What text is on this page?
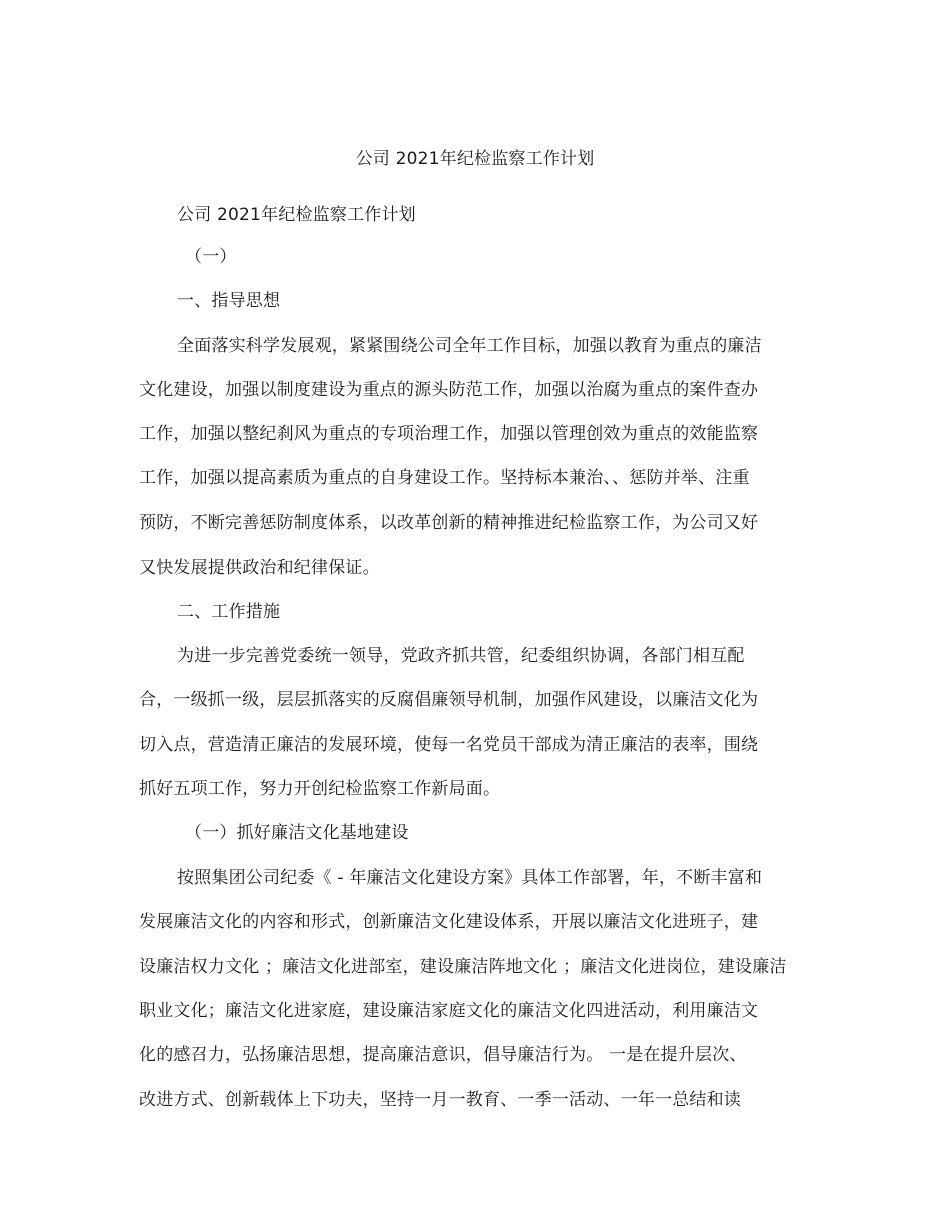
公司 2021年纪检监察工作计划
公司 2021年纪检监察工作计划
（一）
一、指导思想
全面落实科学发展观，紧紧围绕公司全年工作目标，加强以教育为重点的廉洁
文化建设，加强以制度建设为重点的源头防范工作，加强以治腐为重点的案件查办
工作，加强以整纪刹风为重点的专项治理工作，加强以管理创效为重点的效能监察
工作，加强以提高素质为重点的自身建设工作。坚持标本兼治、、惩防并举、注重
预防，不断完善惩防制度体系，以改革创新的精神推进纪检监察工作，为公司又好
又快发展提供政治和纪律保证。
二、工作措施
为进一步完善党委统一领导，党政齐抓共管，纪委组织协调，各部门相互配
合，一级抓一级，层层抓落实的反腐倡廉领导机制，加强作风建设，以廉洁文化为
切入点，营造清正廉洁的发展环境，使每一名党员干部成为清正廉洁的表率，围绕
抓好五项工作，努力开创纪检监察工作新局面。
（一）抓好廉洁文化基地建设
按照集团公司纪委《 - 年廉洁文化建设方案》具体工作部署，年，不断丰富和
发展廉洁文化的内容和形式，创新廉洁文化建设体系，开展以廉洁文化进班子，建
设廉洁权力文化 ；廉洁文化进部室，建设廉洁阵地文化 ；廉洁文化进岗位，建设廉洁
职业文化；廉洁文化进家庭，建设廉洁家庭文化的廉洁文化四进活动，利用廉洁文
化的感召力，弘扬廉洁思想，提高廉洁意识，倡导廉洁行为。 一是在提升层次、
改进方式、创新载体上下功夫，坚持一月一教育、一季一活动、一年一总结和读
